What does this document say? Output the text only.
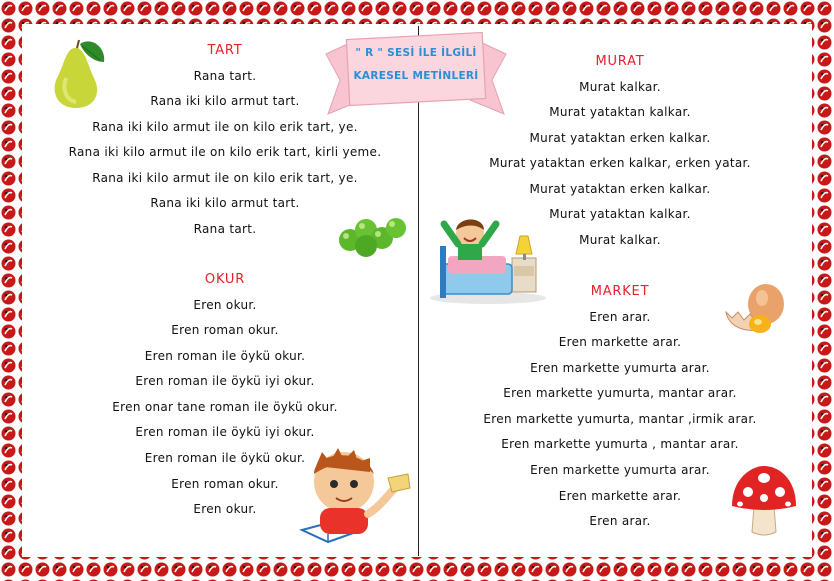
" R " SESİ İLE İLGİLİ
KARESEL METİNLERİ
TART
Rana tart.
Rana iki kilo armut tart.
Rana iki kilo armut ile on kilo erik tart, ye.
Rana iki kilo armut ile on kilo erik tart, kirli yeme.
Rana iki kilo armut ile on kilo erik tart, ye.
Rana iki kilo armut tart.
Rana tart.
OKUR
Eren okur.
Eren roman okur.
Eren roman ile öykü okur.
Eren roman ile öykü iyi okur.
Eren onar tane roman ile öykü okur.
Eren roman ile öykü iyi okur.
Eren roman ile öykü okur.
Eren roman okur.
Eren okur.
MURAT
Murat kalkar.
Murat yataktan kalkar.
Murat yataktan erken kalkar.
Murat yataktan erken kalkar, erken yatar.
Murat yataktan erken kalkar.
Murat yataktan kalkar.
Murat kalkar.
MARKET
Eren arar.
Eren markette arar.
Eren markette yumurta arar.
Eren markette yumurta, mantar arar.
Eren markette yumurta, mantar ,irmik arar.
Eren markette yumurta , mantar arar.
Eren markette yumurta arar.
Eren markette arar.
Eren arar.
